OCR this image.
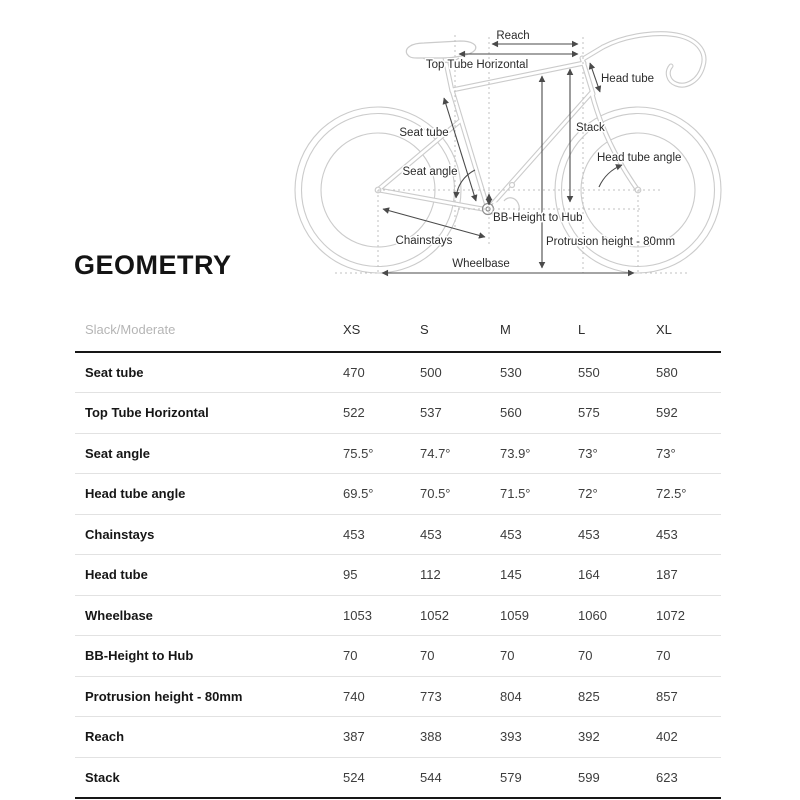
Reach
Top Tube Horizontal
Head tube
Seat tube	Stack
Seat angle
Head tube angle
BB-Height to Hub
Chainstays	Protrusion height - 80mm
Wheelbase
GEOMETRY
Slack/Moderate	XS	S	M	L	XL
Seat tube	470	500	530	550	580
Top Tube Horizontal	522	537	560	575	592
Seat angle	75.5°	74.7°	73.9°	73°	73°
Head tube angle	69.5°	70.5°	71.5°	72°	72.5°
Chainstays	453	453	453	453	453
Head tube	95	112	145	164	187
Wheelbase	1053	1052	1059	1060	1072
BB-Height to Hub	70	70	70	70	70
Protrusion height - 80mm	740	773	804	825	857
Reach	387	388	393	392	402
Stack	524	544	579	599	623
